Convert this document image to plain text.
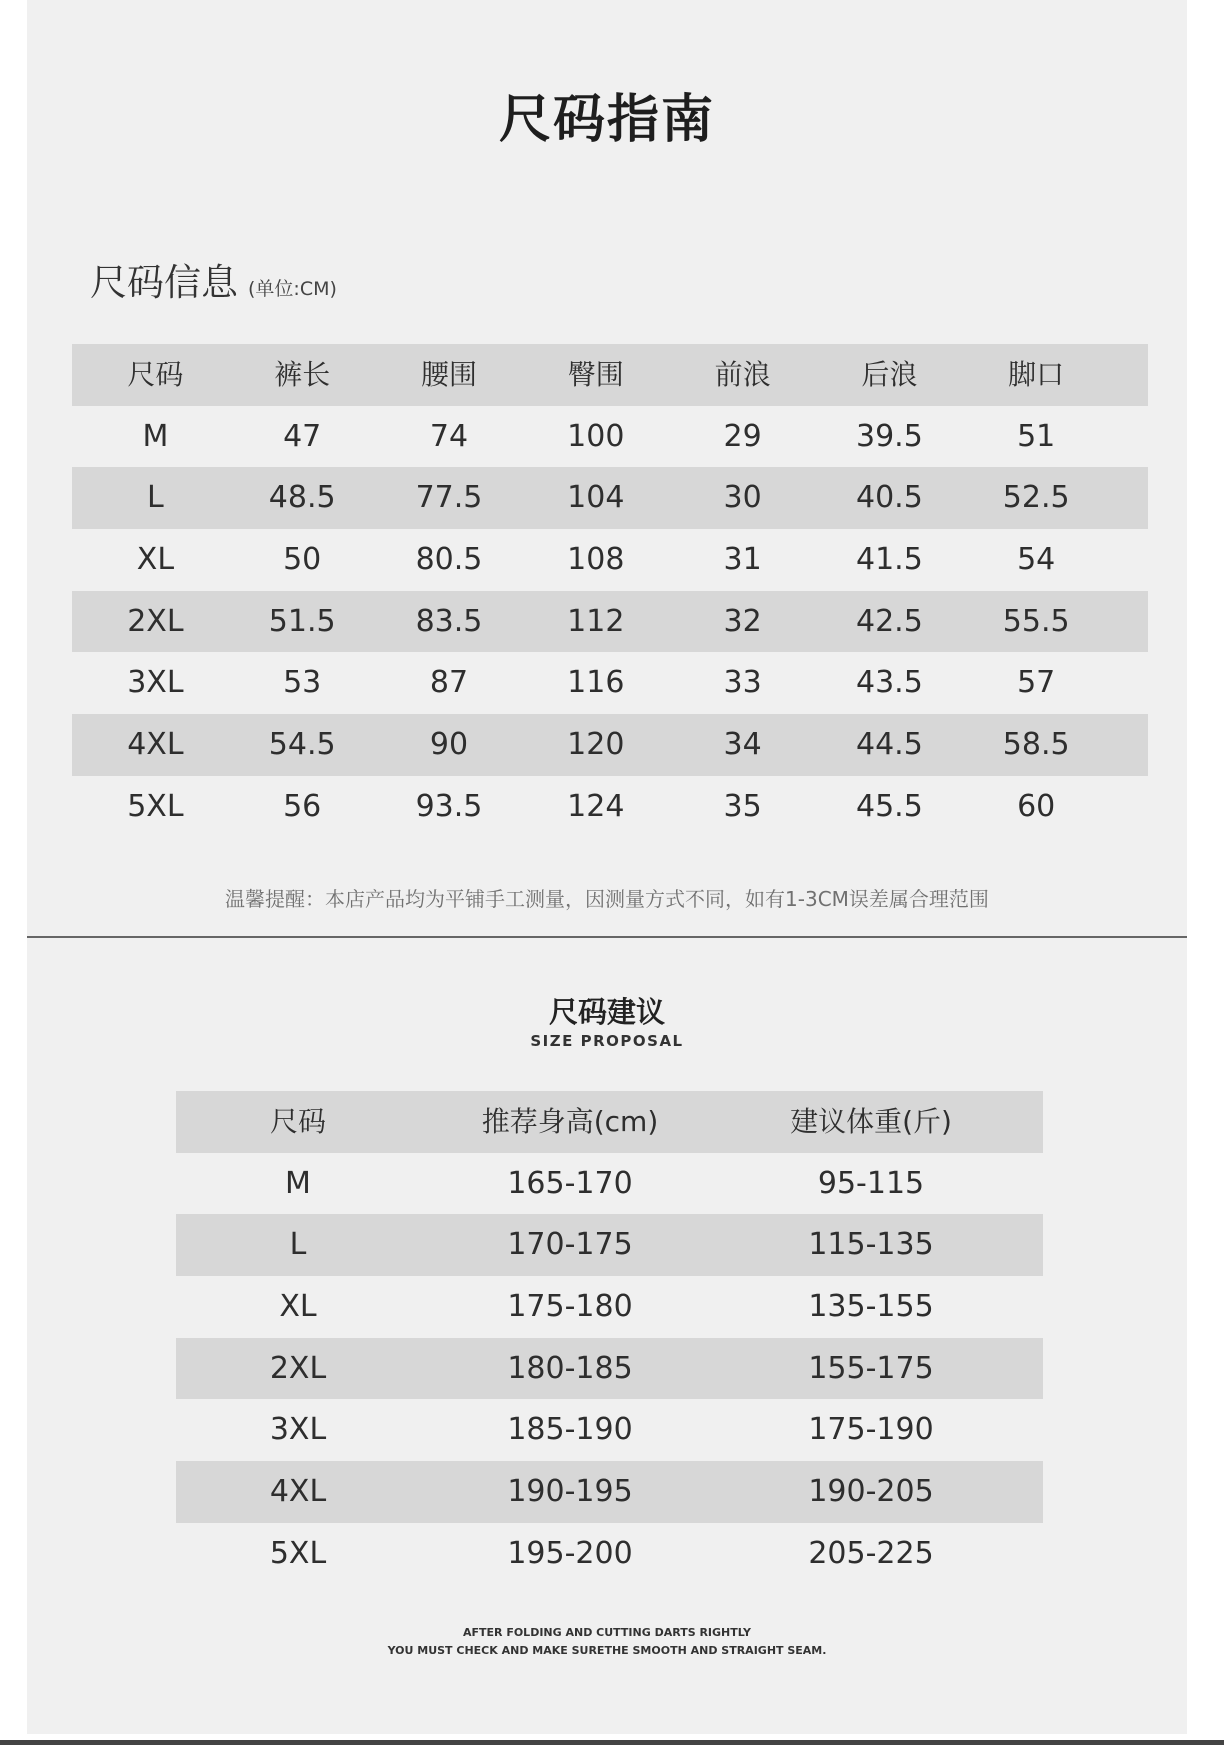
尺码指南
尺码信息 (单位:CM)
尺码	裤长	腰围	臀围	前浪	后浪	脚口
M	47	74	100	29	39.5	51
L	48.5	77.5	104	30	40.5	52.5
XL	50	80.5	108	31	41.5	54
2XL	51.5	83.5	112	32	42.5	55.5
3XL	53	87	116	33	43.5	57
4XL	54.5	90	120	34	44.5	58.5
5XL	56	93.5	124	35	45.5	60
温馨提醒：本店产品均为平铺手工测量，因测量方式不同，如有1-3CM误差属合理范围
尺码建议
SIZE PROPOSAL
尺码	推荐身高(cm)	建议体重(斤)
M	165-170	95-115
L	170-175	115-135
XL	175-180	135-155
2XL	180-185	155-175
3XL	185-190	175-190
4XL	190-195	190-205
5XL	195-200	205-225
AFTER FOLDING AND CUTTING DARTS RIGHTLY
YOU MUST CHECK AND MAKE SURETHE SMOOTH AND STRAIGHT SEAM.
